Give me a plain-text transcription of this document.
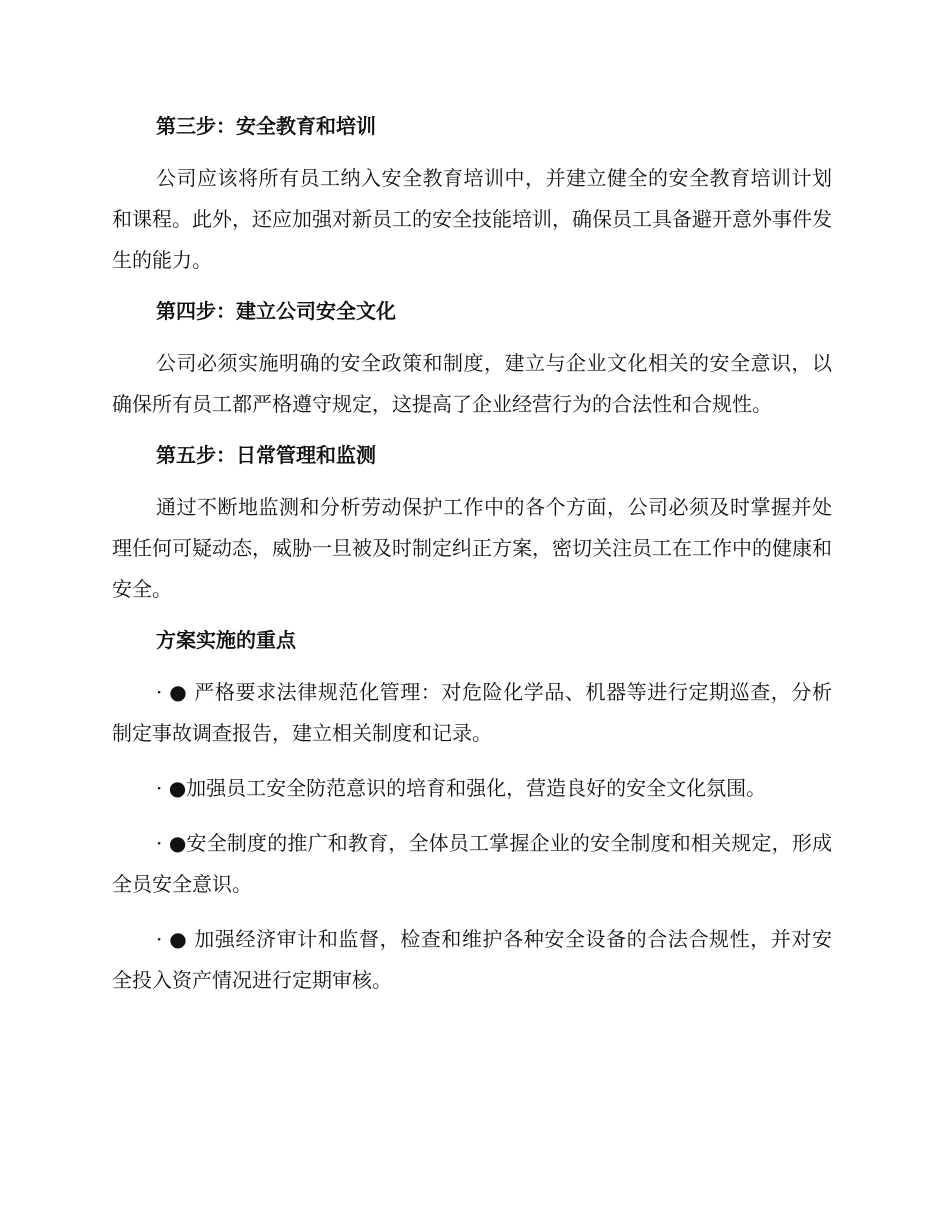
第三步：安全教育和培训

公司应该将所有员工纳入安全教育培训中，并建立健全的安全教育培训计划和课程。此外，还应加强对新员工的安全技能培训，确保员工具备避开意外事件发生的能力。

第四步：建立公司安全文化

公司必须实施明确的安全政策和制度，建立与企业文化相关的安全意识，以确保所有员工都严格遵守规定，这提高了企业经营行为的合法性和合规性。

第五步：日常管理和监测

通过不断地监测和分析劳动保护工作中的各个方面，公司必须及时掌握并处理任何可疑动态，威胁一旦被及时制定纠正方案，密切关注员工在工作中的健康和安全。

方案实施的重点

· ● 严格要求法律规范化管理：对危险化学品、机器等进行定期巡查，分析制定事故调查报告，建立相关制度和记录。

· ●加强员工安全防范意识的培育和强化，营造良好的安全文化氛围。

· ●安全制度的推广和教育，全体员工掌握企业的安全制度和相关规定，形成全员安全意识。

· ● 加强经济审计和监督，检查和维护各种安全设备的合法合规性，并对安全投入资产情况进行定期审核。
